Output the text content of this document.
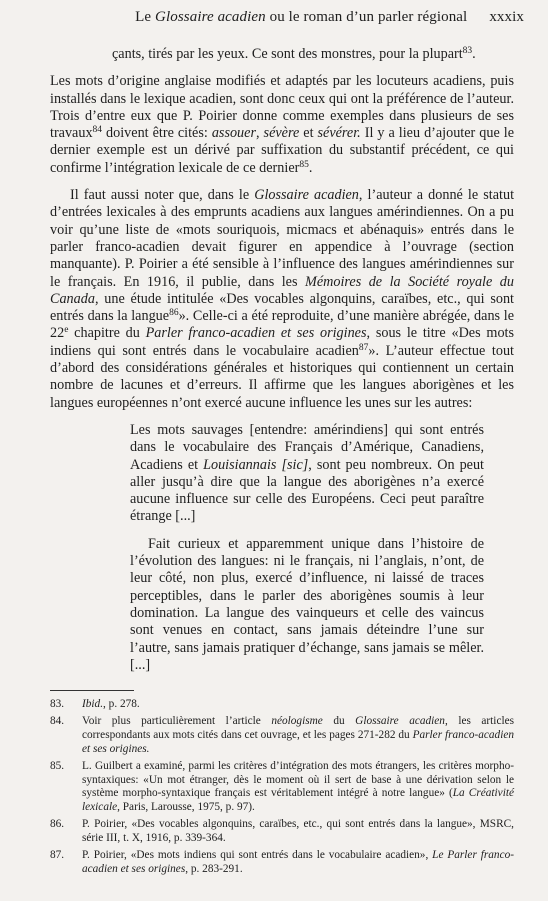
Le Glossaire acadien ou le roman d’un parler régional xxxix

çants, tirés par les yeux. Ce sont des monstres, pour la plupart$^{83}$.

Les mots d’origine anglaise modifiés et adaptés par les locuteurs acadiens, puis installés dans le lexique acadien, sont donc ceux qui ont la préférence de l’auteur. Trois d’entre eux que P. Poirier donne comme exemples dans plusieurs de ses travaux$^{84}$ doivent être cités: assouer, sévère et sévérer. Il y a lieu d’ajouter que le dernier exemple est un dérivé par suffixation du substantif précédent, ce qui confirme l’intégration lexicale de ce dernier$^{85}$.

Il faut aussi noter que, dans le Glossaire acadien, l’auteur a donné le statut d’entrées lexicales à des emprunts acadiens aux langues amérindiennes. On a pu voir qu’une liste de «mots souriquois, micmacs et abénaquis» entrés dans le parler franco-acadien devait figurer en appendice à l’ouvrage (section manquante). P. Poirier a été sensible à l’influence des langues amérindiennes sur le français. En 1916, il publie, dans les Mémoires de la Société royale du Canada, une étude intitulée «Des vocables algonquins, caraïbes, etc., qui sont entrés dans la langue$^{86}$». Celle-ci a été reproduite, d’une manière abrégée, dans le 22e chapitre du Parler franco-acadien et ses origines, sous le titre «Des mots indiens qui sont entrés dans le vocabulaire acadien$^{87}$». L’auteur effectue tout d’abord des considérations générales et historiques qui contiennent un certain nombre de lacunes et d’erreurs. Il affirme que les langues aborigènes et les langues européennes n’ont exercé aucune influence les unes sur les autres:

Les mots sauvages [entendre: amérindiens] qui sont entrés dans le vocabulaire des Français d’Amérique, Canadiens, Acadiens et Louisiannais [sic], sont peu nombreux. On peut aller jusqu’à dire que la langue des aborigènes n’a exercé aucune influence sur celle des Européens. Ceci peut paraître étrange [...]

Fait curieux et apparemment unique dans l’histoire de l’évolution des langues: ni le français, ni l’anglais, n’ont, de leur côté, non plus, exercé d’influence, ni laissé de traces perceptibles, dans le parler des aborigènes soumis à leur domination. La langue des vainqueurs et celle des vaincus sont venues en contact, sans jamais déteindre l’une sur l’autre, sans jamais pratiquer d’échange, sans jamais se mêler. [...]

83. Ibid., p. 278.

84. Voir plus particulièrement l’article néologisme du Glossaire acadien, les articles correspondants aux mots cités dans cet ouvrage, et les pages 271-282 du Parler franco-acadien et ses origines.

85. L. Guilbert a examiné, parmi les critères d’intégration des mots étrangers, les critères morpho-syntaxiques: «Un mot étranger, dès le moment où il sert de base à une dérivation selon le système morpho-syntaxique français est véritablement intégré à notre langue» (La Créativité lexicale, Paris, Larousse, 1975, p. 97).

86. P. Poirier, «Des vocables algonquins, caraïbes, etc., qui sont entrés dans la langue», MSRC, série III, t. X, 1916, p. 339-364.

87. P. Poirier, «Des mots indiens qui sont entrés dans le vocabulaire acadien», Le Parler franco-acadien et ses origines, p. 283-291.
